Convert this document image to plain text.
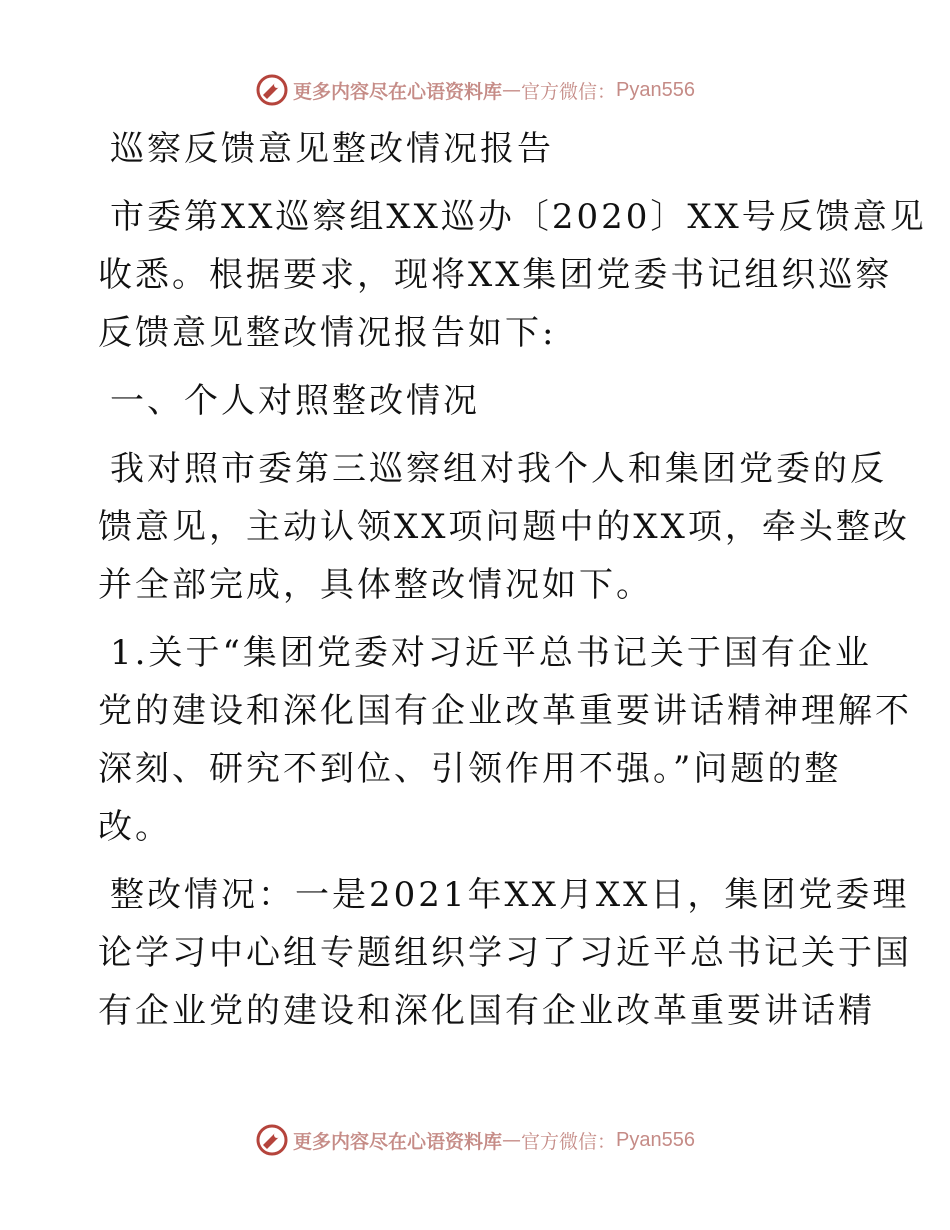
更多内容尽在心语资料库 — 官方微信： Pyan556
巡察反馈意见整改情况报告
市委第XX巡察组XX巡办〔2020〕XX号反馈意见
收悉。根据要求，现将XX集团党委书记组织巡察
反馈意见整改情况报告如下:
一、个人对照整改情况
我对照市委第三巡察组对我个人和集团党委的反
馈意见，主动认领XX项问题中的XX项，牵头整改
并全部完成，具体整改情况如下。
1.关于“集团党委对习近平总书记关于国有企业
党的建设和深化国有企业改革重要讲话精神理解不
深刻、研究不到位、引领作用不强。”问题的整
改。
整改情况：一是2021年XX月XX日，集团党委理
论学习中心组专题组织学习了习近平总书记关于国
有企业党的建设和深化国有企业改革重要讲话精
更多内容尽在心语资料库 — 官方微信： Pyan556
